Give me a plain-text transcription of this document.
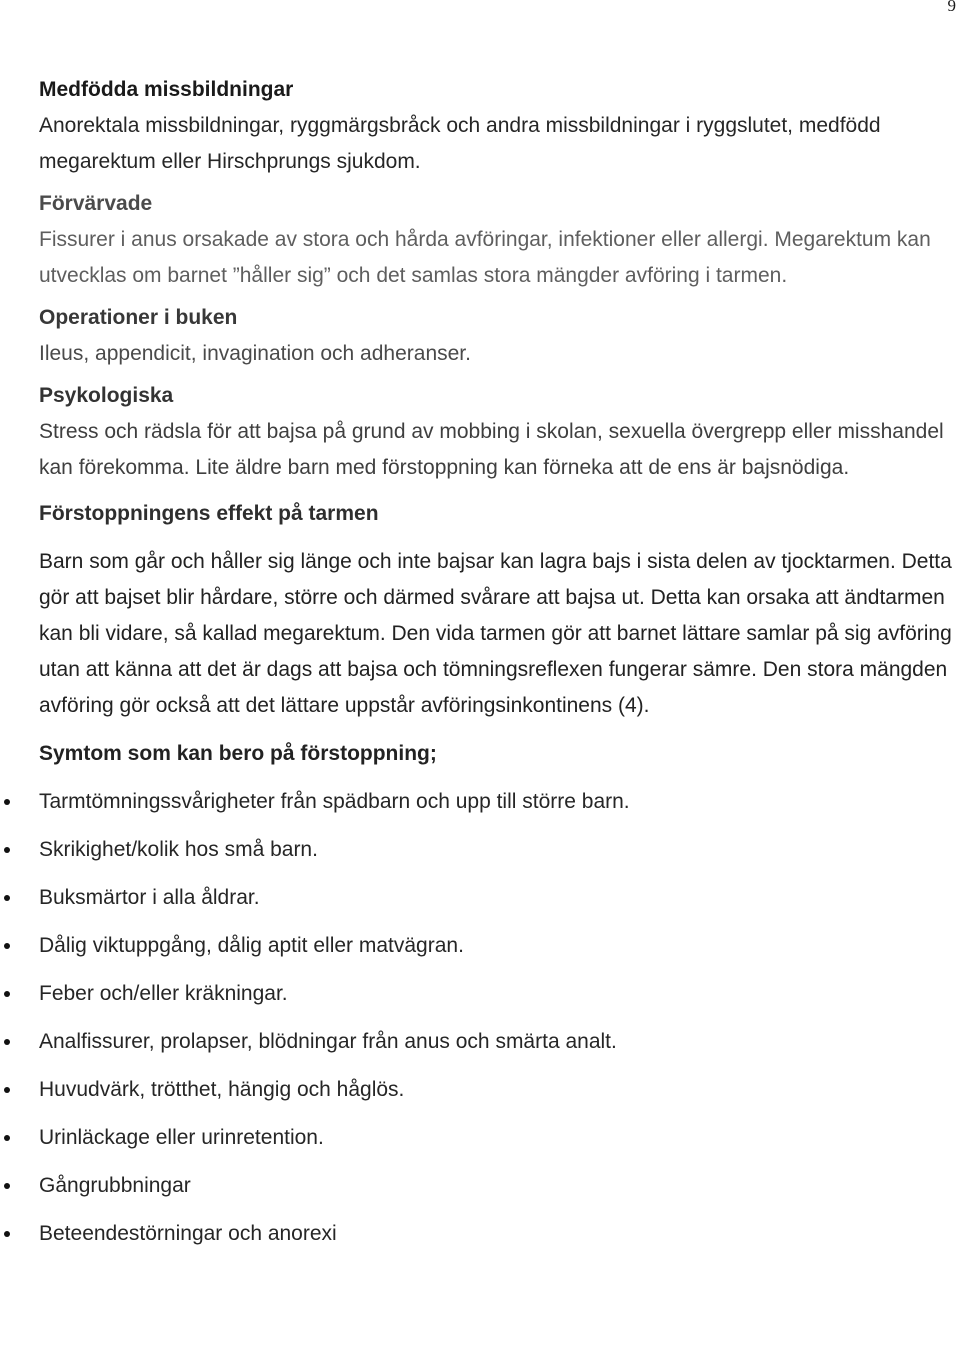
9

Medfödda missbildningar

Anorektala missbildningar, ryggmärgsbråck och andra missbildningar i ryggslutet, medfödd megarektum eller Hirschprungs sjukdom.

Förvärvade

Fissurer i anus orsakade av stora och hårda avföringar, infektioner eller allergi. Megarektum kan utvecklas om barnet ”håller sig” och det samlas stora mängder avföring i tarmen.

Operationer i buken

Ileus, appendicit, invagination och adheranser.

Psykologiska

Stress och rädsla för att bajsa på grund av mobbing i skolan, sexuella övergrepp eller misshandel kan förekomma. Lite äldre barn med förstoppning kan förneka att de ens är bajsnödiga.

Förstoppningens effekt på tarmen

Barn som går och håller sig länge och inte bajsar kan lagra bajs i sista delen av tjocktarmen. Detta gör att bajset blir hårdare, större och därmed svårare att bajsa ut. Detta kan orsaka att ändtarmen kan bli vidare, så kallad megarektum. Den vida tarmen gör att barnet lättare samlar på sig avföring utan att känna att det är dags att bajsa och tömningsreflexen fungerar sämre. Den stora mängden avföring gör också att det lättare uppstår avföringsinkontinens (4).

Symtom som kan bero på förstoppning;

Tarmtömningssvårigheter från spädbarn och upp till större barn.
Skrikighet/kolik hos små barn.
Buksmärtor i alla åldrar.
Dålig viktuppgång, dålig aptit eller matvägran.
Feber och/eller kräkningar.
Analfissurer, prolapser, blödningar från anus och smärta analt.
Huvudvärk, trötthet, hängig och håglös.
Urinläckage eller urinretention.
Gångrubbningar
Beteendestörningar och anorexi
